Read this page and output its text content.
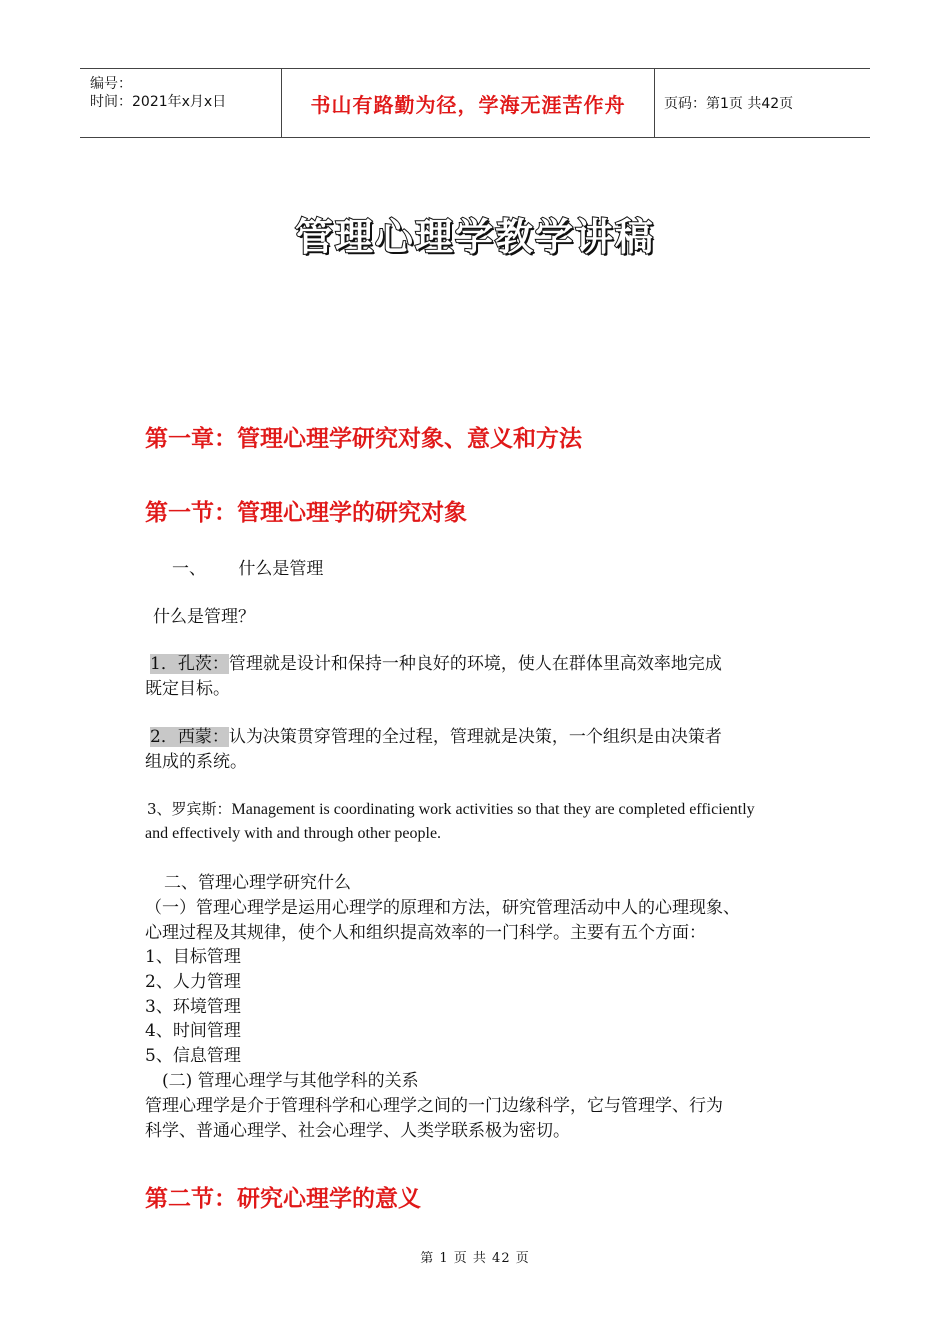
编号：
时间：2021年x月x日	书山有路勤为径，学海无涯苦作舟	页码：第1页 共42页
管理心理学教学讲稿
第一章：管理心理学研究对象、意义和方法
第一节：管理心理学的研究对象
一、      什么是管理
什么是管理？
1．孔茨：管理就是设计和保持一种良好的环境，使人在群体里高效率地完成
既定目标。
2．西蒙：认为决策贯穿管理的全过程，管理就是决策，一个组织是由决策者
组成的系统。
3、罗宾斯：Management is coordinating work activities so that they are completed efficiently
and effectively with and through other people.
二、管理心理学研究什么
（一）管理心理学是运用心理学的原理和方法，研究管理活动中人的心理现象、
心理过程及其规律，使个人和组织提高效率的一门科学。主要有五个方面：
1、目标管理
2、人力管理
3、环境管理
4、时间管理
5、信息管理
(二) 管理心理学与其他学科的关系
管理心理学是介于管理科学和心理学之间的一门边缘科学，它与管理学、行为
科学、普通心理学、社会心理学、人类学联系极为密切。
第二节：研究心理学的意义
第 1 页 共 42 页
